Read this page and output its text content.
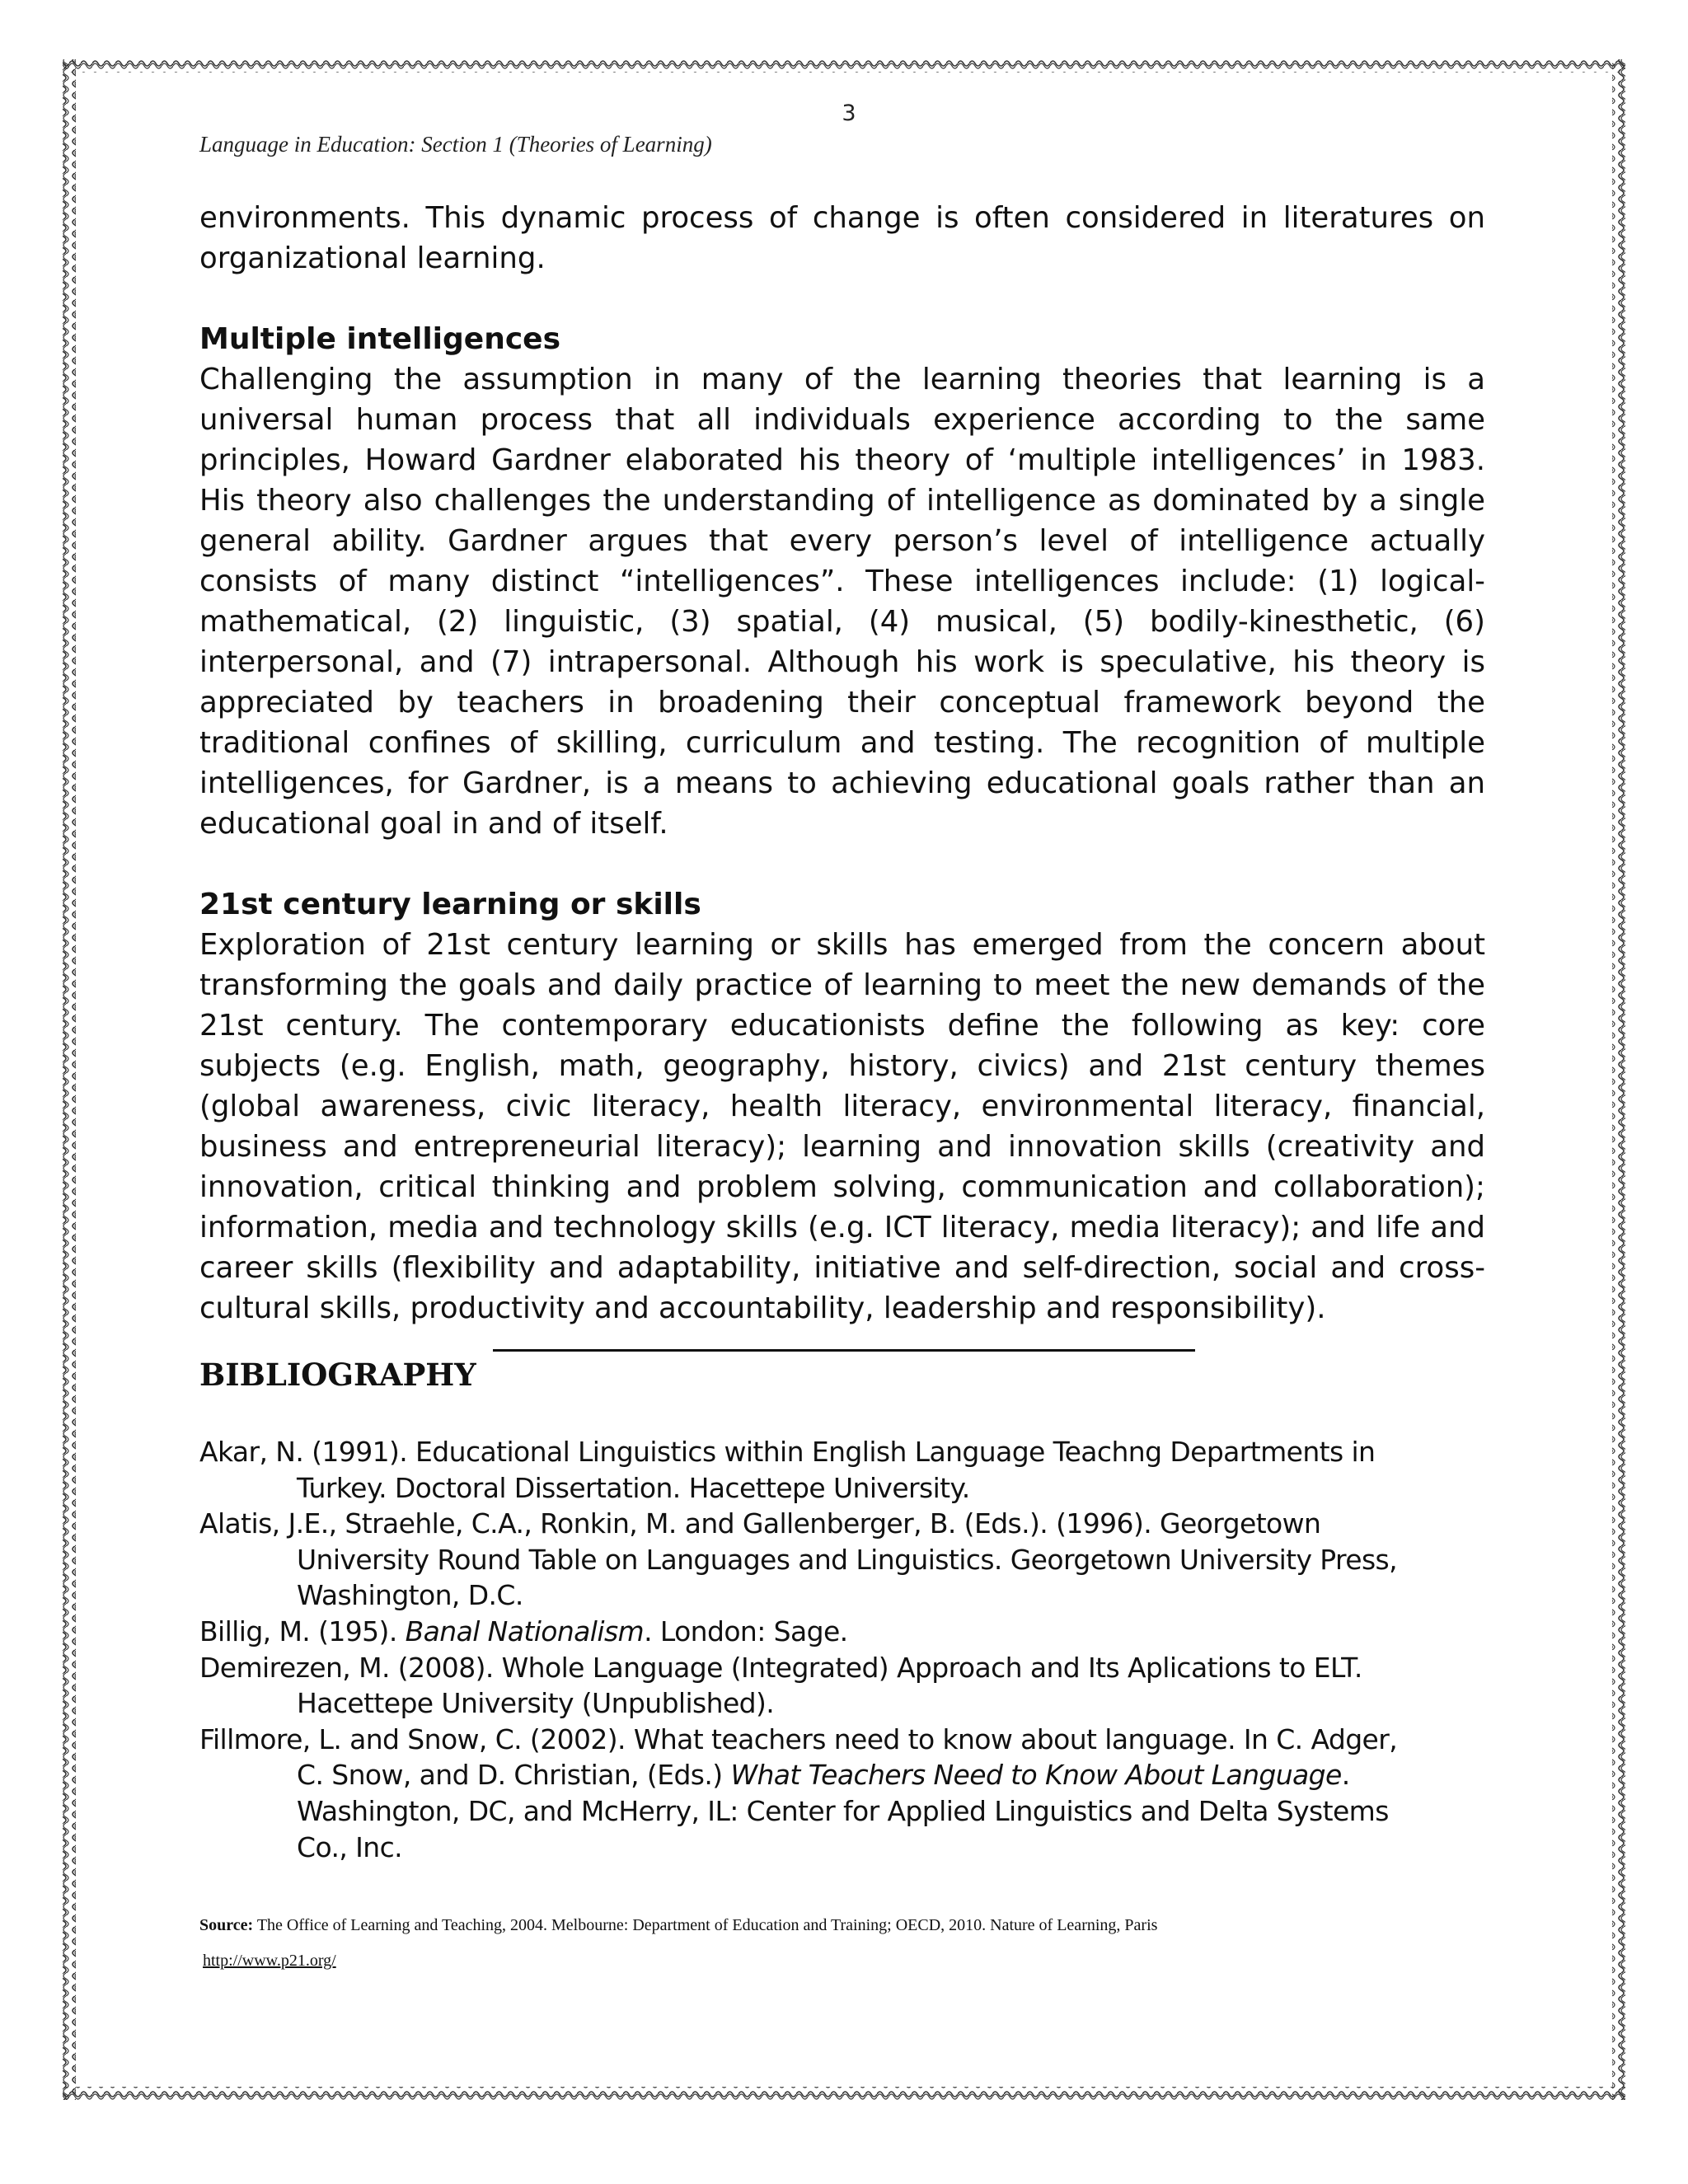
3
Language in Education: Section 1 (Theories of Learning)

environments. This dynamic process of change is often considered in literatures on organizational learning.

Multiple intelligences

Challenging the assumption in many of the learning theories that learning is a universal human process that all individuals experience according to the same principles, Howard Gardner elaborated his theory of ‘multiple intelligences’ in 1983. His theory also challenges the understanding of intelligence as dominated by a single general ability. Gardner argues that every person’s level of intelligence actually consists of many distinct “intelligences”. These intelligences include: (1) logical-mathematical, (2) linguistic, (3) spatial, (4) musical, (5) bodily-kinesthetic, (6) interpersonal, and (7) intrapersonal. Although his work is speculative, his theory is appreciated by teachers in broadening their conceptual framework beyond the traditional confines of skilling, curriculum and testing. The recognition of multiple intelligences, for Gardner, is a means to achieving educational goals rather than an educational goal in and of itself.

21st century learning or skills

Exploration of 21st century learning or skills has emerged from the concern about transforming the goals and daily practice of learning to meet the new demands of the 21st century. The contemporary educationists define the following as key: core subjects (e.g. English, math, geography, history, civics) and 21st century themes (global awareness, civic literacy, health literacy, environmental literacy, financial, business and entrepreneurial literacy); learning and innovation skills (creativity and innovation, critical thinking and problem solving, communication and collaboration); information, media and technology skills (e.g. ICT literacy, media literacy); and life and career skills (flexibility and adaptability, initiative and self-direction, social and cross-cultural skills, productivity and accountability, leadership and responsibility).

BIBLIOGRAPHY
Akar, N. (1991). Educational Linguistics within English Language Teachng Departments in Turkey. Doctoral Dissertation. Hacettepe University.
Alatis, J.E., Straehle, C.A., Ronkin, M. and Gallenberger, B. (Eds.). (1996). Georgetown University Round Table on Languages and Linguistics. Georgetown University Press, Washington, D.C.
Billig, M. (195). Banal Nationalism. London: Sage.
Demirezen, M. (2008). Whole Language (Integrated) Approach and Its Aplications to ELT. Hacettepe University (Unpublished).
Fillmore, L. and Snow, C. (2002). What teachers need to know about language. In C. Adger, C. Snow, and D. Christian, (Eds.) What Teachers Need to Know About Language. Washington, DC, and McHerry, IL: Center for Applied Linguistics and Delta Systems Co., Inc.
Source: The Office of Learning and Teaching, 2004. Melbourne: Department of Education and Training; OECD, 2010. Nature of Learning, Paris
http://www.p21.org/
